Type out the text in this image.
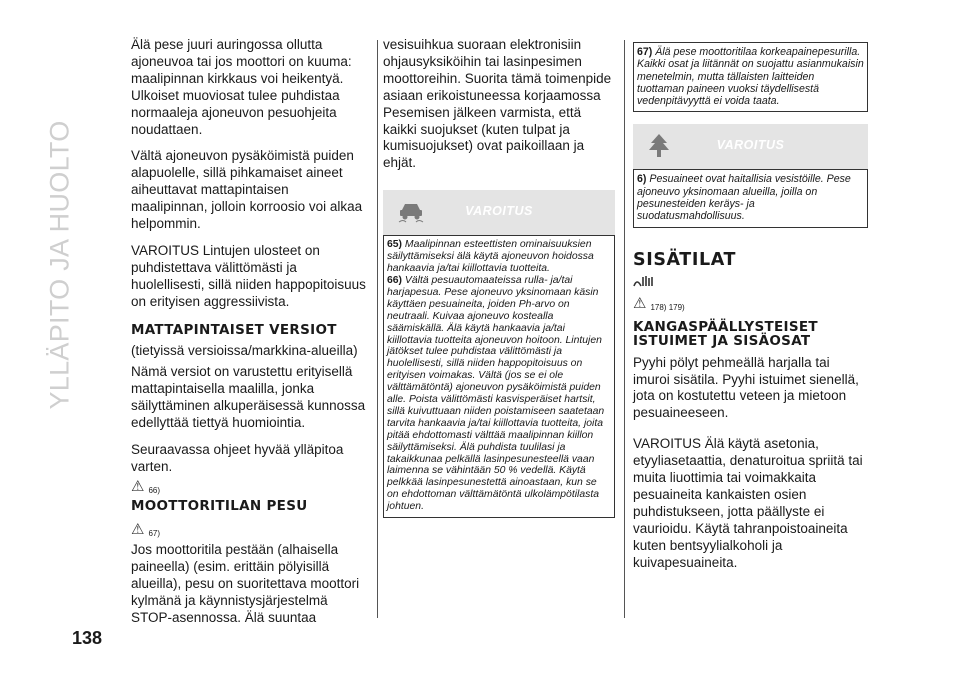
YLLÄPITO JA HUOLTO
138

Älä pese juuri auringossa ollutta ajoneuvoa tai jos moottori on kuuma: maalipinnan kirkkaus voi heikentyä. Ulkoiset muoviosat tulee puhdistaa normaaleja ajoneuvon pesuohjeita noudattaen.

Vältä ajoneuvon pysäköimistä puiden alapuolelle, sillä pihkamaiset aineet aiheuttavat mattapintaisen maalipinnan, jolloin korroosio voi alkaa helpommin.

VAROITUS Lintujen ulosteet on puhdistettava välittömästi ja huolellisesti, sillä niiden happopitoisuus on erityisen aggressiivista.

MATTAPINTAISET VERSIOT

(tietyissä versioissa/markkina-alueilla)

Nämä versiot on varustettu erityisellä mattapintaisella maalilla, jonka säilyttäminen alkuperäisessä kunnossa edellyttää tiettyä huomiointia.

Seuraavassa ohjeet hyvää ylläpitoa varten.

⚠ 66)
MOOTTORITILAN PESU
⚠ 67)

Jos moottoritila pestään (alhaisella paineella) (esim. erittäin pölyisillä alueilla), pesu on suoritettava moottori kylmänä ja käynnistysjärjestelmä STOP-asennossa. Älä suuntaa

vesisuihkua suoraan elektronisiin ohjausyksiköihin tai lasinpesimen moottoreihin. Suorita tämä toimenpide asiaan erikoistuneessa korjaamossa Pesemisen jälkeen varmista, että kaikki suojukset (kuten tulpat ja kumisuojukset) ovat paikoillaan ja ehjät.

VAROITUS

65) Maalipinnan esteettisten ominaisuuksien säilyttämiseksi älä käytä ajoneuvon hoidossa hankaavia ja/tai kiillottavia tuotteita.

66) Vältä pesuautomaateissa rulla- ja/tai harjapesua. Pese ajoneuvo yksinomaan käsin käyttäen pesuaineita, joiden Ph-arvo on neutraali. Kuivaa ajoneuvo kostealla säämiskällä. Älä käytä hankaavia ja/tai kiillottavia tuotteita ajoneuvon hoitoon. Lintujen jätökset tulee puhdistaa välittömästi ja huolellisesti, sillä niiden happopitoisuus on erityisen voimakas. Vältä (jos se ei ole välttämätöntä) ajoneuvon pysäköimistä puiden alle. Poista välittömästi kasvisperäiset hartsit, sillä kuivuttuaan niiden poistamiseen saatetaan tarvita hankaavia ja/tai kiillottavia tuotteita, joita pitää ehdottomasti välttää maalipinnan kiillon säilyttämiseksi. Älä puhdista tuulilasi ja takaikkunaa pelkällä lasinpesunesteellä vaan laimenna se vähintään 50 % vedellä. Käytä pelkkää lasinpesunestettä ainoastaan, kun se on ehdottoman välttämätöntä ulkolämpötilasta johtuen.

67) Älä pese moottoritilaa korkeapainepesurilla. Kaikki osat ja liitännät on suojattu asianmukaisin menetelmin, mutta tällaisten laitteiden tuottaman paineen vuoksi täydellisestä vedenpitävyyttä ei voida taata.

VAROITUS

6) Pesuaineet ovat haitallisia vesistöille. Pese ajoneuvo yksinomaan alueilla, joilla on pesunesteiden keräys- ja suodatusmahdollisuus.

SISÄTILAT
⚠ 178) 179)
KANGASPÄÄLLYSTEISET ISTUIMET JA SISÄOSAT

Pyyhi pölyt pehmeällä harjalla tai imuroi sisätila. Pyyhi istuimet sienellä, jota on kostutettu veteen ja mietoon pesuaineeseen.

VAROITUS Älä käytä asetonia, etyyliasetaattia, denaturoitua spriitä tai muita liuottimia tai voimakkaita pesuaineita kankaisten osien puhdistukseen, jotta päällyste ei vaurioidu. Käytä tahranpoistoaineita kuten bentsyylialkoholi ja kuivapesuaineita.
